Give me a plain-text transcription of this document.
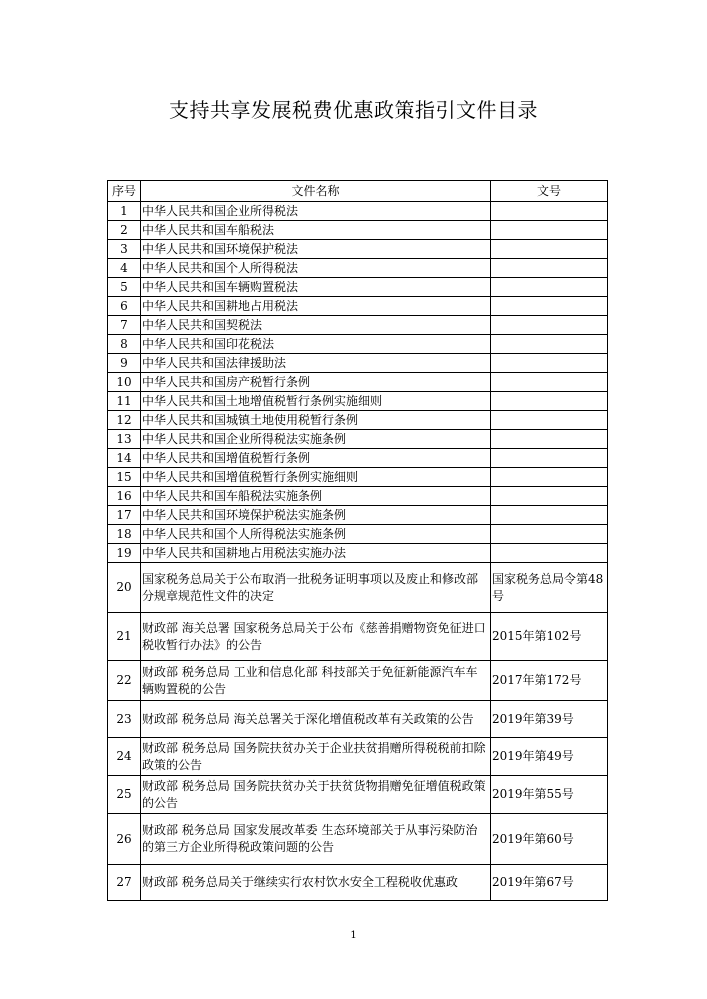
支持共享发展税费优惠政策指引文件目录
序号	文件名称	文号
1	中华人民共和国企业所得税法	
2	中华人民共和国车船税法	
3	中华人民共和国环境保护税法	
4	中华人民共和国个人所得税法	
5	中华人民共和国车辆购置税法	
6	中华人民共和国耕地占用税法	
7	中华人民共和国契税法	
8	中华人民共和国印花税法	
9	中华人民共和国法律援助法	
10	中华人民共和国房产税暂行条例	
11	中华人民共和国土地增值税暂行条例实施细则	
12	中华人民共和国城镇土地使用税暂行条例	
13	中华人民共和国企业所得税法实施条例	
14	中华人民共和国增值税暂行条例	
15	中华人民共和国增值税暂行条例实施细则	
16	中华人民共和国车船税法实施条例	
17	中华人民共和国环境保护税法实施条例	
18	中华人民共和国个人所得税法实施条例	
19	中华人民共和国耕地占用税法实施办法	
20	国家税务总局关于公布取消一批税务证明事项以及废止和修改部分规章规范性文件的决定	国家税务总局令第48号
21	财政部 海关总署 国家税务总局关于公布《慈善捐赠物资免征进口税收暂行办法》的公告	2015年第102号
22	财政部 税务总局 工业和信息化部 科技部关于免征新能源汽车车辆购置税的公告	2017年第172号
23	财政部 税务总局 海关总署关于深化增值税改革有关政策的公告	2019年第39号
24	财政部 税务总局 国务院扶贫办关于企业扶贫捐赠所得税税前扣除政策的公告	2019年第49号
25	财政部 税务总局 国务院扶贫办关于扶贫货物捐赠免征增值税政策的公告	2019年第55号
26	财政部 税务总局 国家发展改革委 生态环境部关于从事污染防治的第三方企业所得税政策问题的公告	2019年第60号
27	财政部 税务总局关于继续实行农村饮水安全工程税收优惠政	2019年第67号
1
